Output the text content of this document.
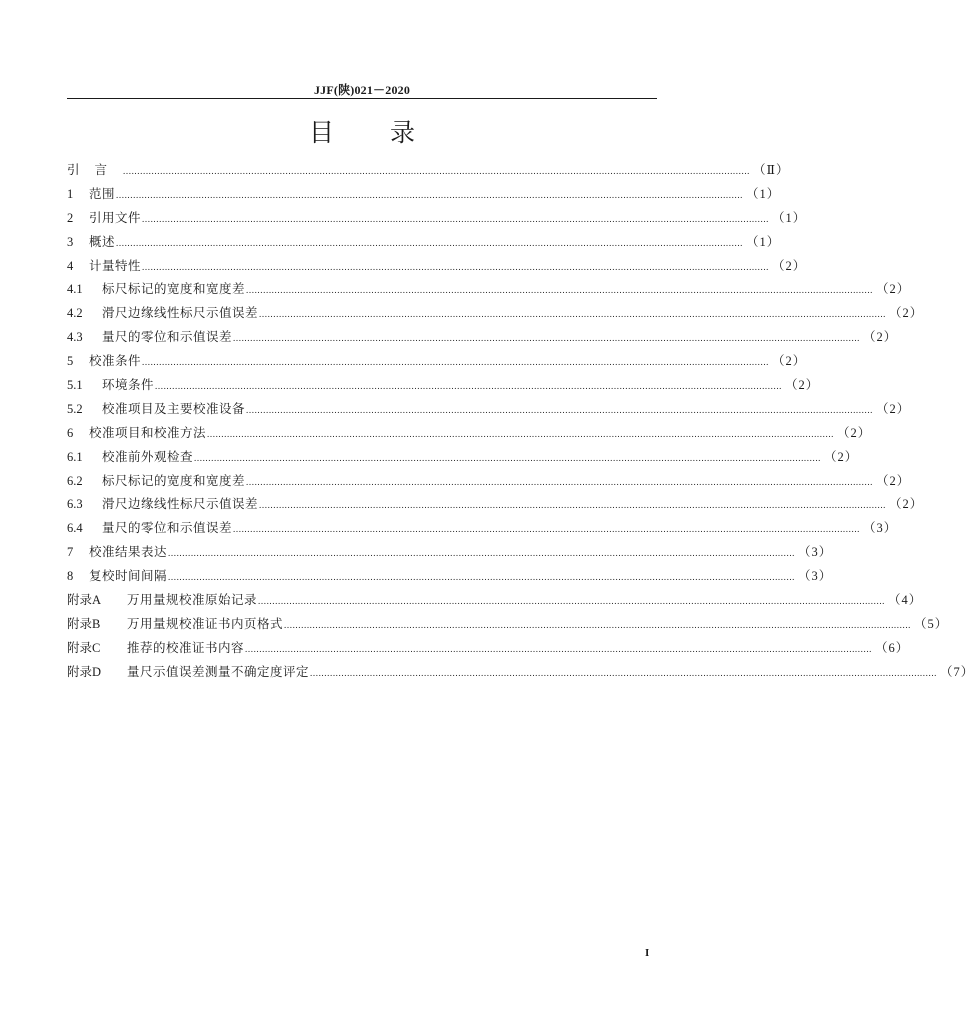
JJF(陕)021－2020
目 录
引言 ............................................................................................................................................................................................................................ （Ⅱ）
1	范围 ............................................................................................................................................................................................................................ （1）
2	引用文件 ............................................................................................................................................................................................................................ （1）
3	概述 ............................................................................................................................................................................................................................ （1）
4	计量特性 ............................................................................................................................................................................................................................ （2）
4.1	标尺标记的宽度和宽度差 ............................................................................................................................................................................................................................ （2）
4.2	滑尺边缘线性标尺示值误差 ............................................................................................................................................................................................................................ （2）
4.3	量尺的零位和示值误差 ............................................................................................................................................................................................................................ （2）
5	校准条件 ............................................................................................................................................................................................................................ （2）
5.1	环境条件 ............................................................................................................................................................................................................................ （2）
5.2	校准项目及主要校准设备 ............................................................................................................................................................................................................................ （2）
6	校准项目和校准方法 ............................................................................................................................................................................................................................ （2）
6.1	校准前外观检查 ............................................................................................................................................................................................................................ （2）
6.2	标尺标记的宽度和宽度差 ............................................................................................................................................................................................................................ （2）
6.3	滑尺边缘线性标尺示值误差 ............................................................................................................................................................................................................................ （2）
6.4	量尺的零位和示值误差 ............................................................................................................................................................................................................................ （3）
7	校准结果表达 ............................................................................................................................................................................................................................ （3）
8	复校时间间隔 ............................................................................................................................................................................................................................ （3）
附录A	万用量规校准原始记录 ............................................................................................................................................................................................................................ （4）
附录B	万用量规校准证书内页格式 ............................................................................................................................................................................................................................ （5）
附录C	推荐的校准证书内容 ............................................................................................................................................................................................................................ （6）
附录D	量尺示值误差测量不确定度评定 ............................................................................................................................................................................................................................ （7）
I
